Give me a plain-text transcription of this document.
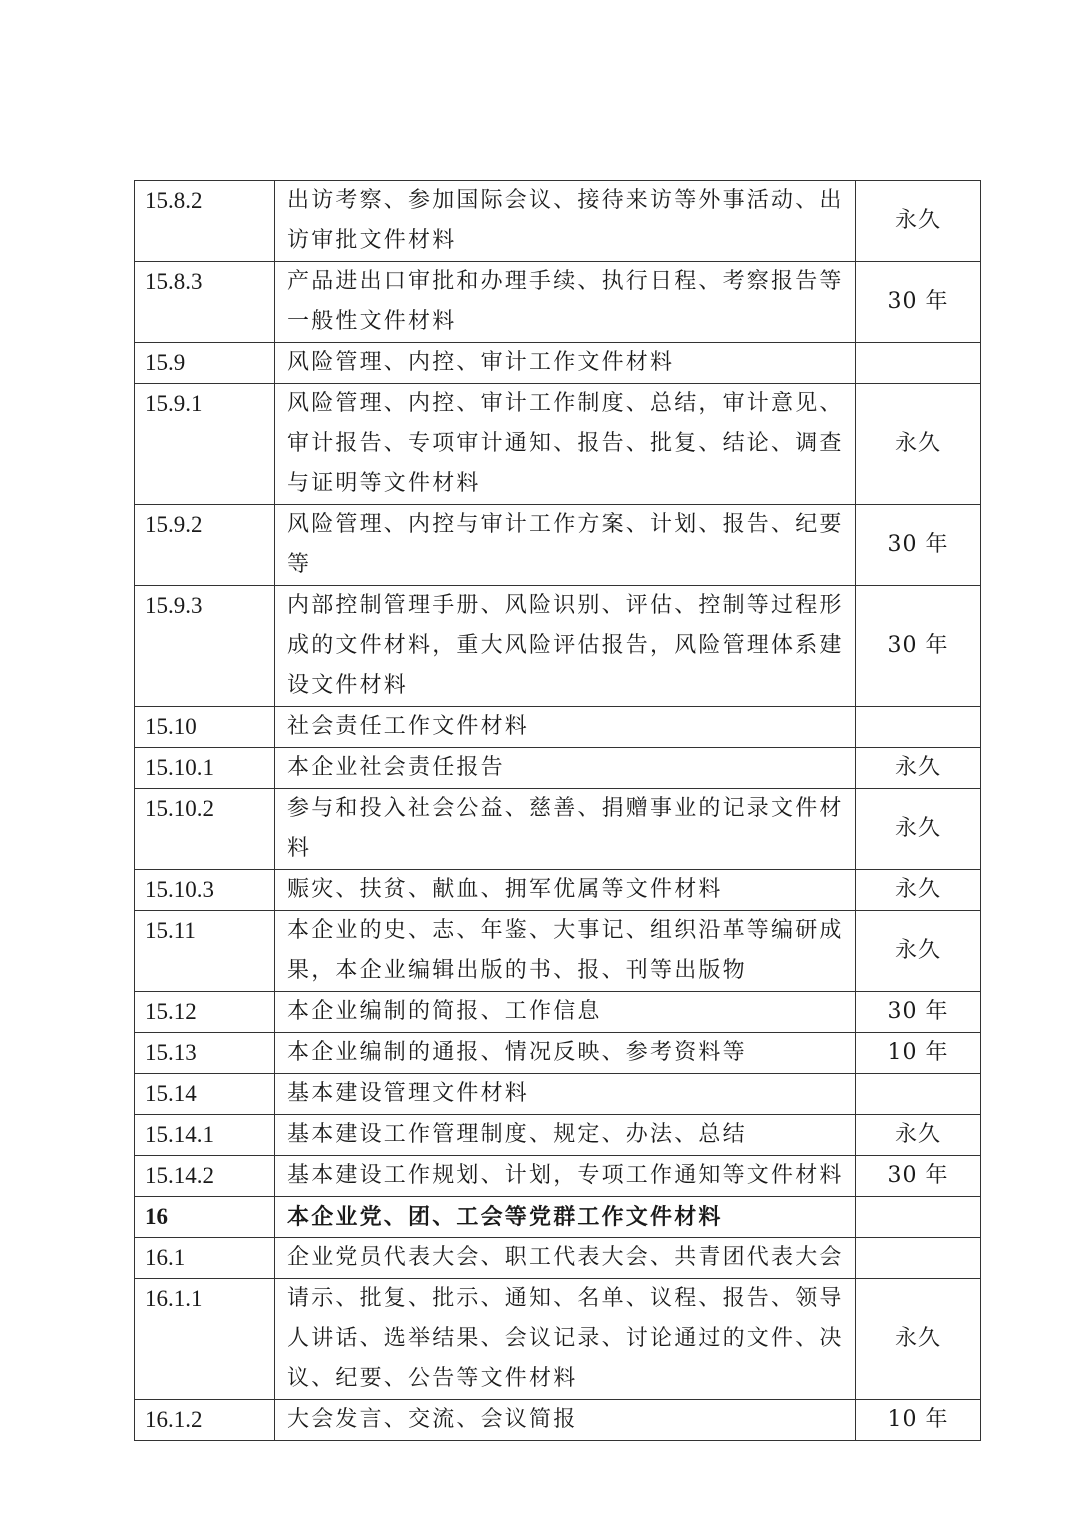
15.8.2	出访考察、参加国际会议、接待来访等外事活动、出访审批文件材料	永久
15.8.3	产品进出口审批和办理手续、执行日程、考察报告等一般性文件材料	30 年
15.9	风险管理、内控、审计工作文件材料	
15.9.1	风险管理、内控、审计工作制度、总结，审计意见、审计报告、专项审计通知、报告、批复、结论、调查与证明等文件材料	永久
15.9.2	风险管理、内控与审计工作方案、计划、报告、纪要等	30 年
15.9.3	内部控制管理手册、风险识别、评估、控制等过程形成的文件材料，重大风险评估报告，风险管理体系建设文件材料	30 年
15.10	社会责任工作文件材料	
15.10.1	本企业社会责任报告	永久
15.10.2	参与和投入社会公益、慈善、捐赠事业的记录文件材料	永久
15.10.3	赈灾、扶贫、献血、拥军优属等文件材料	永久
15.11	本企业的史、志、年鉴、大事记、组织沿革等编研成果，本企业编辑出版的书、报、刊等出版物	永久
15.12	本企业编制的简报、工作信息	30 年
15.13	本企业编制的通报、情况反映、参考资料等	10 年
15.14	基本建设管理文件材料	
15.14.1	基本建设工作管理制度、规定、办法、总结	永久
15.14.2	基本建设工作规划、计划，专项工作通知等文件材料	30 年
16	本企业党、团、工会等党群工作文件材料	
16.1	企业党员代表大会、职工代表大会、共青团代表大会	
16.1.1	请示、批复、批示、通知、名单、议程、报告、领导人讲话、选举结果、会议记录、讨论通过的文件、决议、纪要、公告等文件材料	永久
16.1.2	大会发言、交流、会议简报	10 年
